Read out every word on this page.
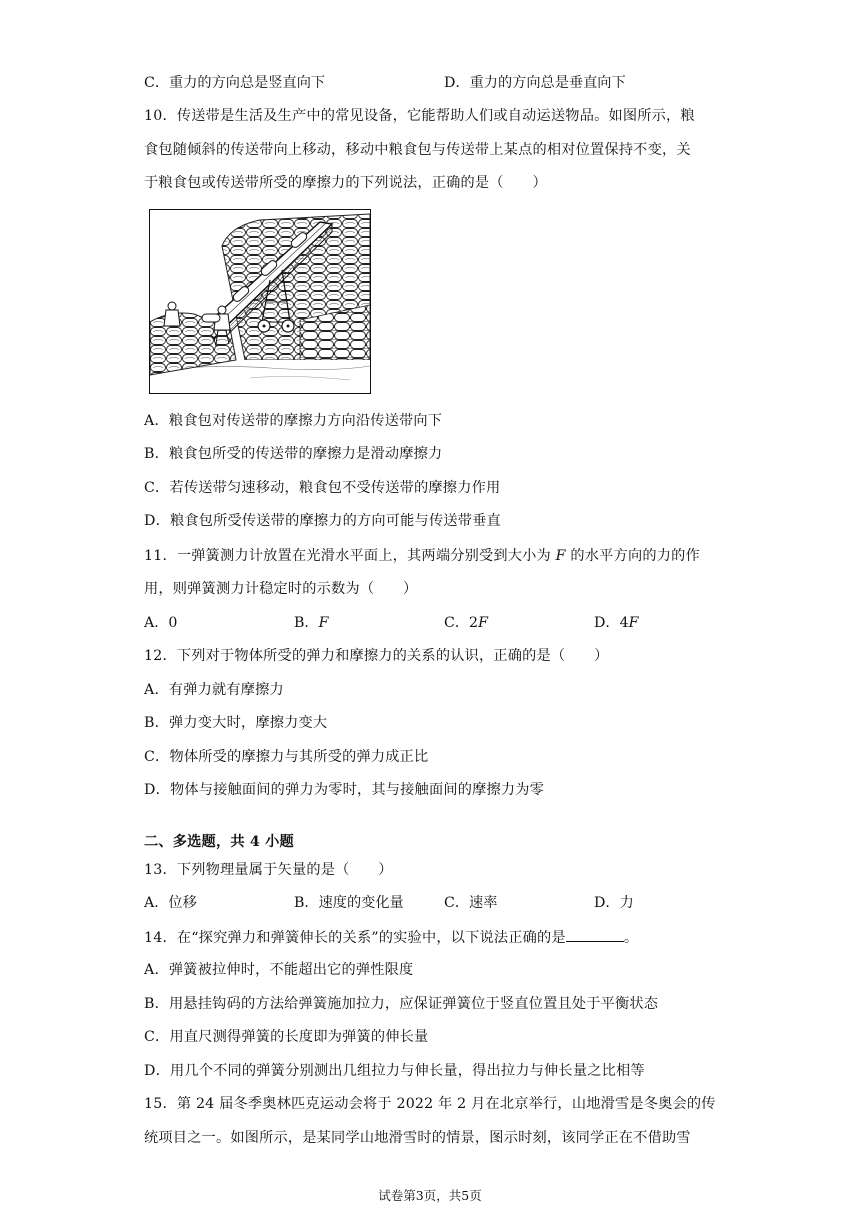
C．重力的方向总是竖直向下	D．重力的方向总是垂直向下
10．传送带是生活及生产中的常见设备，它能帮助人们或自动运送物品。如图所示，粮
食包随倾斜的传送带向上移动，移动中粮食包与传送带上某点的相对位置保持不变，关
于粮食包或传送带所受的摩擦力的下列说法，正确的是（　　）
A．粮食包对传送带的摩擦力方向沿传送带向下
B．粮食包所受的传送带的摩擦力是滑动摩擦力
C．若传送带匀速移动，粮食包不受传送带的摩擦力作用
D．粮食包所受传送带的摩擦力的方向可能与传送带垂直
11．一弹簧测力计放置在光滑水平面上，其两端分别受到大小为 F 的水平方向的力的作
用，则弹簧测力计稳定时的示数为（　　）
A．0	B．F	C．2F	D．4F
12．下列对于物体所受的弹力和摩擦力的关系的认识，正确的是（　　）
A．有弹力就有摩擦力
B．弹力变大时，摩擦力变大
C．物体所受的摩擦力与其所受的弹力成正比
D．物体与接触面间的弹力为零时，其与接触面间的摩擦力为零
二、多选题，共 4 小题
13．下列物理量属于矢量的是（　　）
A．位移	B．速度的变化量	C．速率	D．力
14．在“探究弹力和弹簧伸长的关系”的实验中，以下说法正确的是	。
A．弹簧被拉伸时，不能超出它的弹性限度
B．用悬挂钩码的方法给弹簧施加拉力，应保证弹簧位于竖直位置且处于平衡状态
C．用直尺测得弹簧的长度即为弹簧的伸长量
D．用几个不同的弹簧分别测出几组拉力与伸长量，得出拉力与伸长量之比相等
15．第 24 届冬季奥林匹克运动会将于 2022 年 2 月在北京举行，山地滑雪是冬奥会的传
统项目之一。如图所示，是某同学山地滑雪时的情景，图示时刻，该同学正在不借助雪
试卷第3页，共5页
